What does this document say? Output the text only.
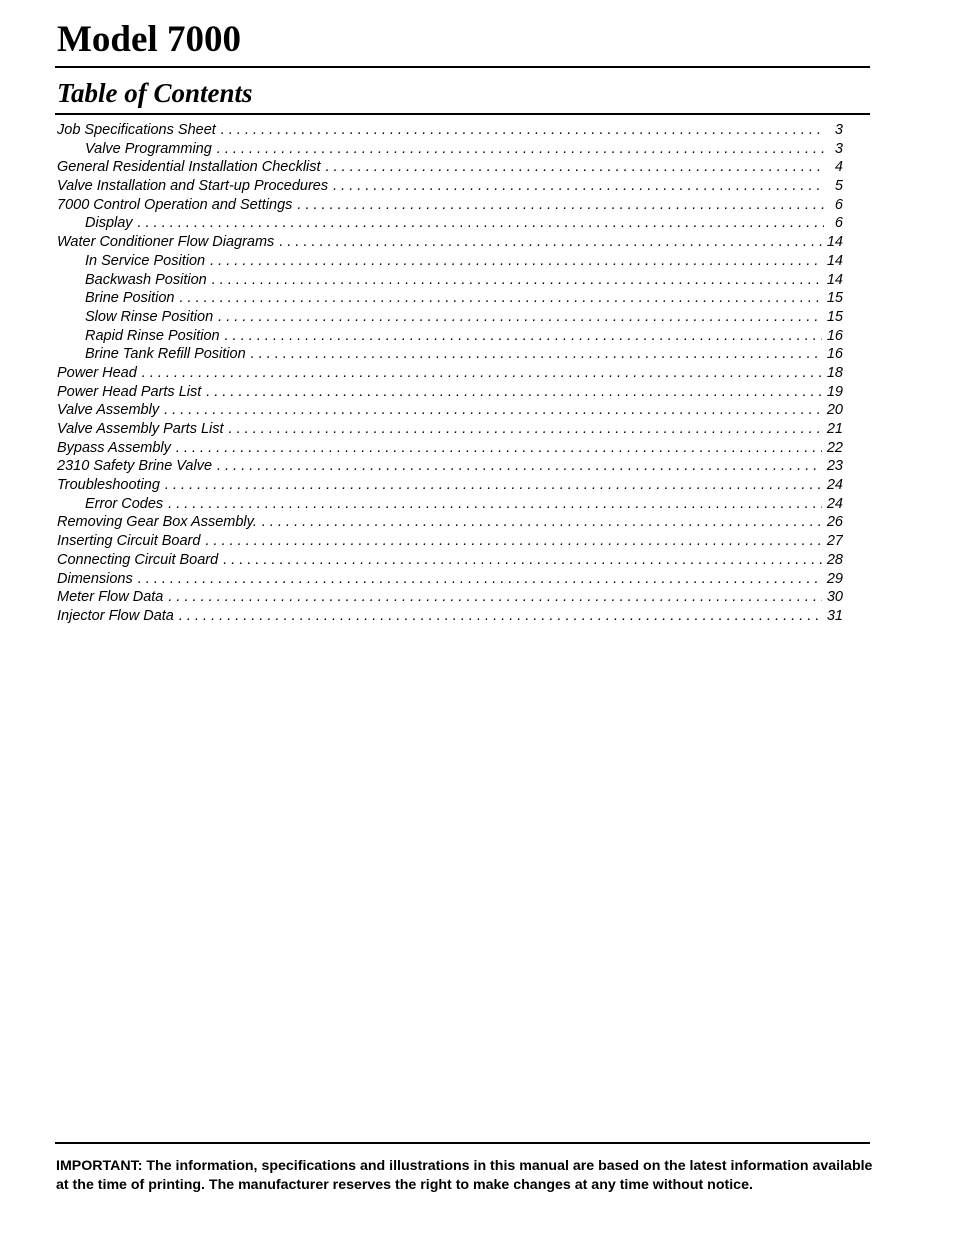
Model 7000
Table of Contents
Job Specifications Sheet . . .	3
Valve Programming . . .	3
General Residential Installation Checklist . . .	4
Valve Installation and Start-up Procedures . . .	5
7000 Control Operation and Settings . . .	6
Display . . .	6
Water Conditioner Flow Diagrams . . .	14
In Service Position . . .	14
Backwash Position . . .	14
Brine Position . . .	15
Slow Rinse Position . . .	15
Rapid Rinse Position . . .	16
Brine Tank Refill Position . . .	16
Power Head . . .	18
Power Head Parts List . . .	19
Valve Assembly . . .	20
Valve Assembly Parts List . . .	21
Bypass Assembly . . .	22
2310 Safety Brine Valve . . .	23
Troubleshooting . . .	24
Error Codes . . .	24
Removing Gear Box Assembly. . . .	26
Inserting Circuit Board . . .	27
Connecting Circuit Board . . .	28
Dimensions . . .	29
Meter Flow Data . . .	30
Injector Flow Data . . .	31

IMPORTANT: The information, specifications and illustrations in this manual are based on the latest information available at the time of printing. The manufacturer reserves the right to make changes at any time without notice.
